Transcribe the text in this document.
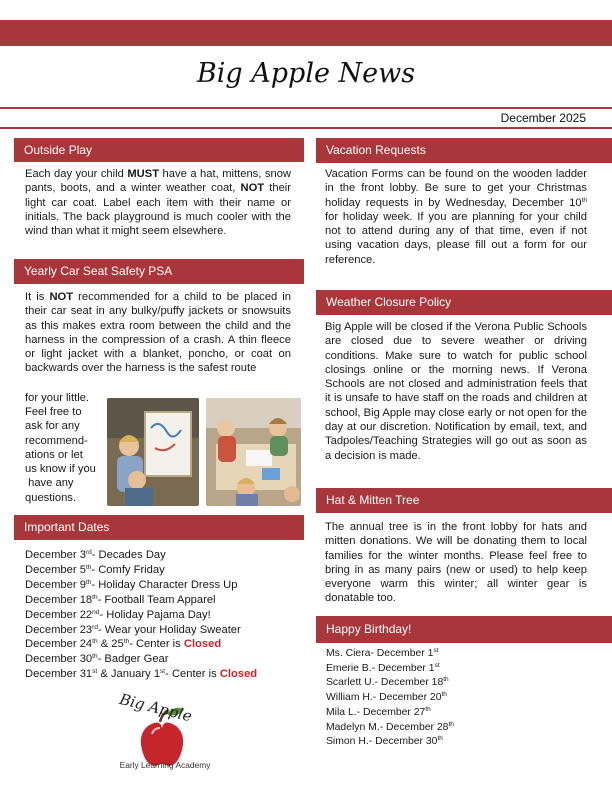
Big Apple News
December 2025
Outside Play
Each day your child MUST have a hat, mittens, snow pants, boots, and a winter weather coat, NOT their light car coat. Label each item with their name or initials. The back playground is much cooler with the wind than what it might seem elsewhere.
Yearly Car Seat Safety PSA
It is NOT recommended for a child to be placed in their car seat in any bulky/puffy jackets or snowsuits as this makes extra room between the child and the harness in the compression of a crash. A thin fleece or light jacket with a blanket, poncho, or coat on backwards over the harness is the safest route
for your little.
Feel free to
ask for any
recommend-
ations or let
us know if you
have any
questions.
Important Dates
December 3rd- Decades Day
December 5th- Comfy Friday
December 9th- Holiday Character Dress Up
December 18th- Football Team Apparel
December 22nd- Holiday Pajama Day!
December 23rd- Wear your Holiday Sweater
December 24th & 25th- Center is Closed
December 30th- Badger Gear
December 31st & January 1st- Center is Closed
Big Apple
Early Learning Academy
Vacation Requests
Vacation Forms can be found on the wooden ladder in the front lobby. Be sure to get your Christmas holiday requests in by Wednesday, December 10th for holiday week. If you are planning for your child not to attend during any of that time, even if not using vacation days, please fill out a form for our reference.
Weather Closure Policy
Big Apple will be closed if the Verona Public Schools are closed due to severe weather or driving conditions. Make sure to watch for public school closings online or the morning news. If Verona Schools are not closed and administration feels that it is unsafe to have staff on the roads and children at school, Big Apple may close early or not open for the day at our discretion. Notification by email, text, and Tadpoles/Teaching Strategies will go out as soon as a decision is made.
Hat & Mitten Tree
The annual tree is in the front lobby for hats and mitten donations. We will be donating them to local families for the winter months. Please feel free to bring in as many pairs (new or used) to help keep everyone warm this winter; all winter gear is donatable too.
Happy Birthday!
Ms. Ciera- December 1st
Emerie B.- December 1st
Scarlett U.- December 18th
William H.- December 20th
Mila L.- December 27th
Madelyn M.- December 28th
Simon H.- December 30th
